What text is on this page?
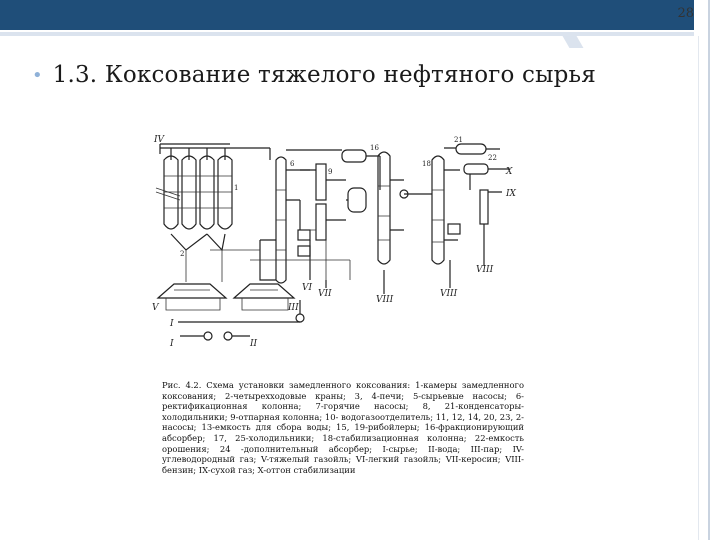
28
• 1.3. Коксование тяжелого нефтяного сырья
IV
2
1
I
I	II
6
9
16
18
21
22
X
IX
VI
VII
VIII
VIII
VIII
III
V
Рис. 4.2. Схема установки замедленного коксования: 1-камеры замедленного коксования; 2-четырехходовые краны; 3, 4-печи; 5-сырьевые насосы; 6-ректификационная колонна; 7-горячие насосы; 8, 21-конденсаторы-холодильники; 9-отпарная колонна; 10- водогазоотделитель; 11, 12, 14, 20, 23, 2-насосы; 13-емкость для сбора воды; 15, 19-рибойлеры; 16-фракционирующий абсорбер; 17, 25-холодильники; 18-стабилизационная колонна; 22-емкость орошения; 24 -дополнительный абсорбер; I-сырье; II-вода; III-пар; IV-углеводородный газ; V-тяжелый газойль; VI-легкий газойль; VII-керосин; VIII-бензин; IX-сухой газ; X-отгон стабилизации
